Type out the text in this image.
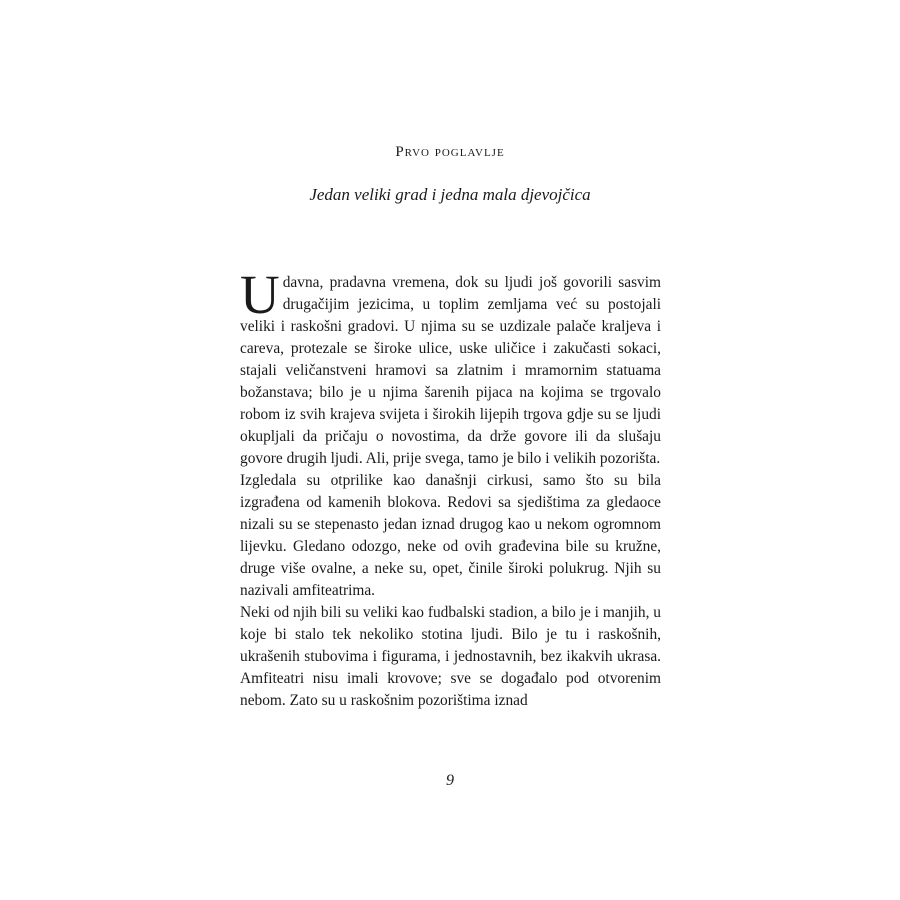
Prvo poglavlje
Jedan veliki grad i jedna mala djevojčica

Udavna, pradavna vremena, dok su ljudi još govorili sasvim drugačijim jezicima, u toplim zemljama već su postojali veliki i raskošni gradovi. U njima su se uzdizale palače kraljeva i careva, protezale se široke ulice, uske uličice i zakučasti sokaci, stajali veličanstveni hramovi sa zlatnim i mramornim statuama božanstava; bilo je u njima šarenih pijaca na kojima se trgovalo robom iz svih krajeva svijeta i širokih lijepih trgova gdje su se ljudi okupljali da pričaju o novostima, da drže govore ili da slušaju govore drugih ljudi. Ali, prije svega, tamo je bilo i velikih pozorišta.

Izgledala su otprilike kao današnji cirkusi, samo što su bila izgrađena od kamenih blokova. Redovi sa sjedištima za gledaoce nizali su se stepenasto jedan iznad drugog kao u nekom ogromnom lijevku. Gledano odozgo, neke od ovih građevina bile su kružne, druge više ovalne, a neke su, opet, činile široki polukrug. Njih su nazivali amfiteatrima.

Neki od njih bili su veliki kao fudbalski stadion, a bilo je i manjih, u koje bi stalo tek nekoliko stotina ljudi. Bilo je tu i raskošnih, ukrašenih stubovima i figurama, i jednostavnih, bez ikakvih ukrasa. Amfiteatri nisu imali krovove; sve se događalo pod otvorenim nebom. Zato su u raskošnim pozorištima iznad

9
